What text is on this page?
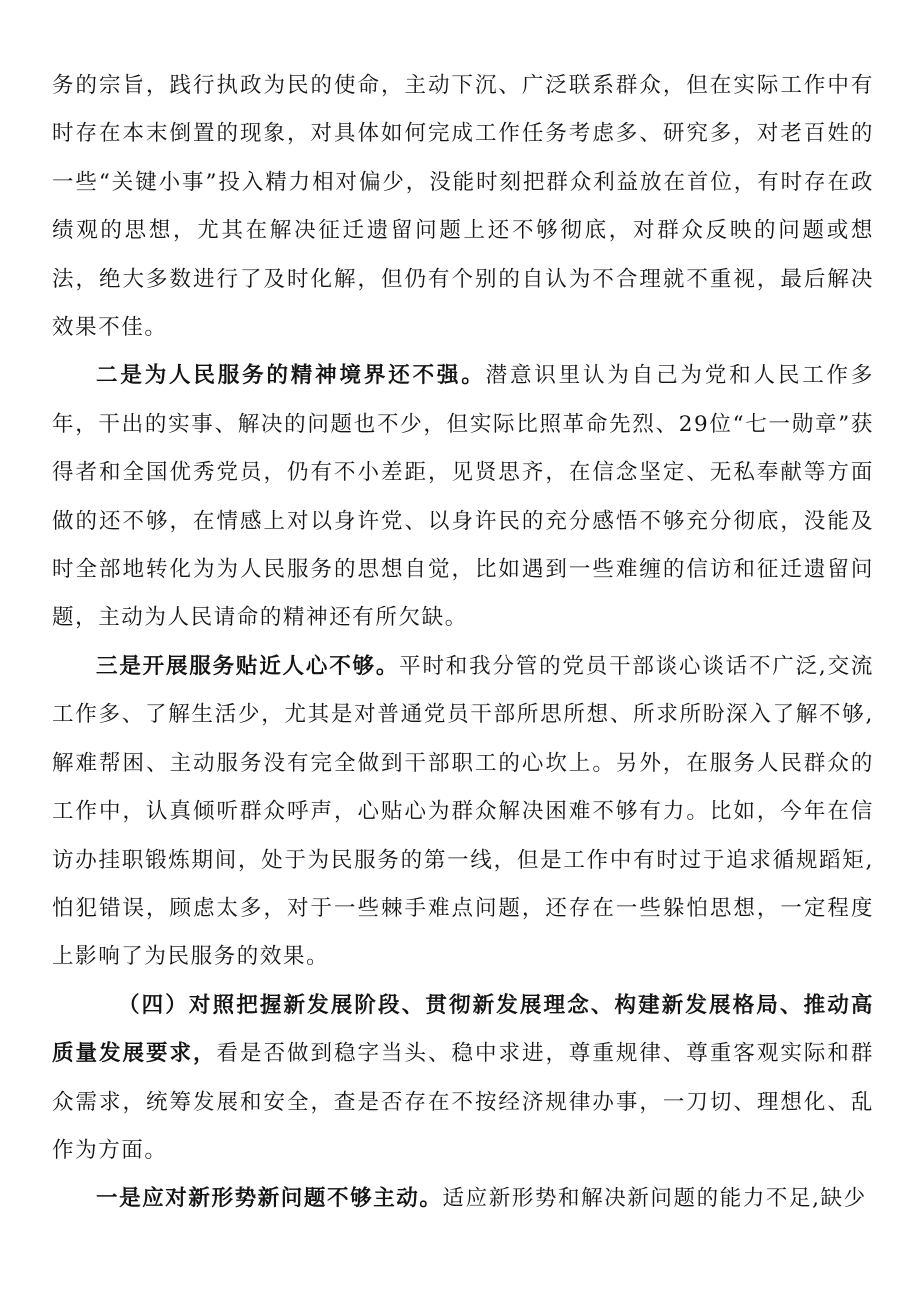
务的宗旨，践行执政为民的使命，主动下沉、广泛联系群众，但在实际工作中有时存在本末倒置的现象，对具体如何完成工作任务考虑多、研究多，对老百姓的一些“关键小事”投入精力相对偏少，没能时刻把群众利益放在首位，有时存在政绩观的思想，尤其在解决征迁遗留问题上还不够彻底，对群众反映的问题或想法，绝大多数进行了及时化解，但仍有个别的自认为不合理就不重视，最后解决效果不佳。

二是为人民服务的精神境界还不强。潜意识里认为自己为党和人民工作多年，干出的实事、解决的问题也不少，但实际比照革命先烈、29位“七一勋章”获得者和全国优秀党员，仍有不小差距，见贤思齐，在信念坚定、无私奉献等方面做的还不够，在情感上对以身许党、以身许民的充分感悟不够充分彻底，没能及时全部地转化为为人民服务的思想自觉，比如遇到一些难缠的信访和征迁遗留问题，主动为人民请命的精神还有所欠缺。

三是开展服务贴近人心不够。平时和我分管的党员干部谈心谈话不广泛,交流工作多、了解生活少，尤其是对普通党员干部所思所想、所求所盼深入了解不够,解难帮困、主动服务没有完全做到干部职工的心坎上。另外，在服务人民群众的工作中，认真倾听群众呼声，心贴心为群众解决困难不够有力。比如，今年在信访办挂职锻炼期间，处于为民服务的第一线，但是工作中有时过于追求循规蹈矩,怕犯错误，顾虑太多，对于一些棘手难点问题，还存在一些躲怕思想，一定程度上影响了为民服务的效果。

（四）对照把握新发展阶段、贯彻新发展理念、构建新发展格局、推动高质量发展要求，看是否做到稳字当头、稳中求进，尊重规律、尊重客观实际和群众需求，统筹发展和安全，查是否存在不按经济规律办事，一刀切、理想化、乱作为方面。

一是应对新形势新问题不够主动。适应新形势和解决新问题的能力不足,缺少
